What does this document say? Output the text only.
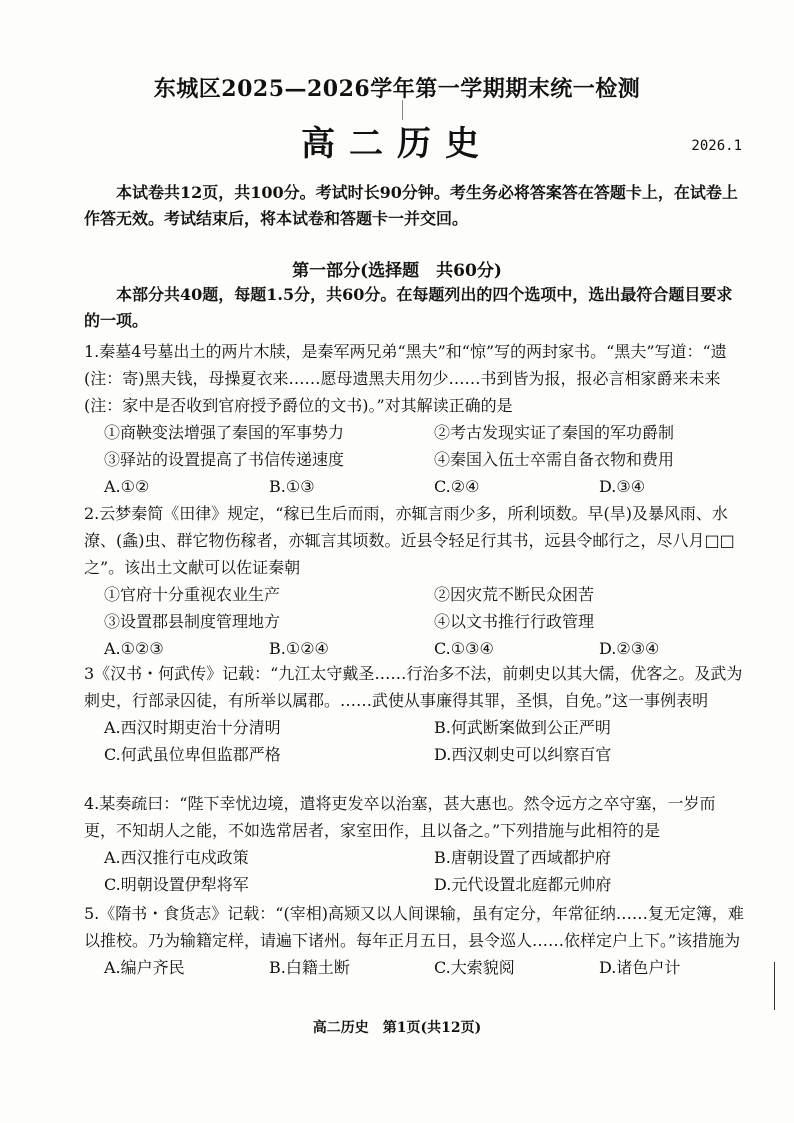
东城区2025—2026学年第一学期期末统一检测
高二历史	2026.1
本试卷共12页，共100分。考试时长90分钟。考生务必将答案答在答题卡上，在试卷上作答无效。考试结束后，将本试卷和答题卡一并交回。
第一部分(选择题　共60分)
本部分共40题，每题1.5分，共60分。在每题列出的四个选项中，选出最符合题目要求的一项。

1.秦墓4号墓出土的两片木牍，是秦军两兄弟“黑夫”和“惊”写的两封家书。“黑夫”写道：“遗(注：寄)黑夫钱，母操夏衣来……愿母遗黑夫用勿少……书到皆为报，报必言相家爵来未来(注：家中是否收到官府授予爵位的文书)。”对其解读正确的是

①商鞅变法增强了秦国的军事势力	②考古发现实证了秦国的军功爵制
③驿站的设置提高了书信传递速度	④秦国入伍士卒需自备衣物和费用
A.①②	B.①③	C.②④	D.③④

2.云梦秦简《田律》规定，“稼已生后而雨，亦辄言雨少多，所利顷数。早(旱)及暴风雨、水潦、(螽)虫、群它物伤稼者，亦辄言其顷数。近县令轻足行其书，远县令邮行之，尽八月□□之”。该出土文献可以佐证秦朝

①官府十分重视农业生产	②因灾荒不断民众困苦
③设置郡县制度管理地方	④以文书推行行政管理
A.①②③	B.①②④	C.①③④	D.②③④

3《汉书・何武传》记载：“九江太守戴圣……行治多不法，前刺史以其大儒，优客之。及武为刺史，行部录囚徒，有所举以属郡。……武使从事廉得其罪，圣惧，自免。”这一事例表明

A.西汉时期吏治十分清明	B.何武断案做到公正严明
C.何武虽位卑但监郡严格	D.西汉刺史可以纠察百官

4.某奏疏曰：“陛下幸忧边境，遣将吏发卒以治塞，甚大惠也。然令远方之卒守塞，一岁而更，不知胡人之能，不如选常居者，家室田作，且以备之。”下列措施与此相符的是

A.西汉推行屯戍政策	B.唐朝设置了西域都护府
C.明朝设置伊犁将军	D.元代设置北庭都元帅府

5.《隋书・食货志》记载：“(宰相)高颎又以人间课输，虽有定分，年常征纳……复无定簿，难以推校。乃为输籍定样，请遍下诸州。每年正月五日，县令巡人……依样定户上下。”该措施为

A.编户齐民	B.白籍土断	C.大索貌阅	D.诸色户计
高二历史　第1页(共12页)
